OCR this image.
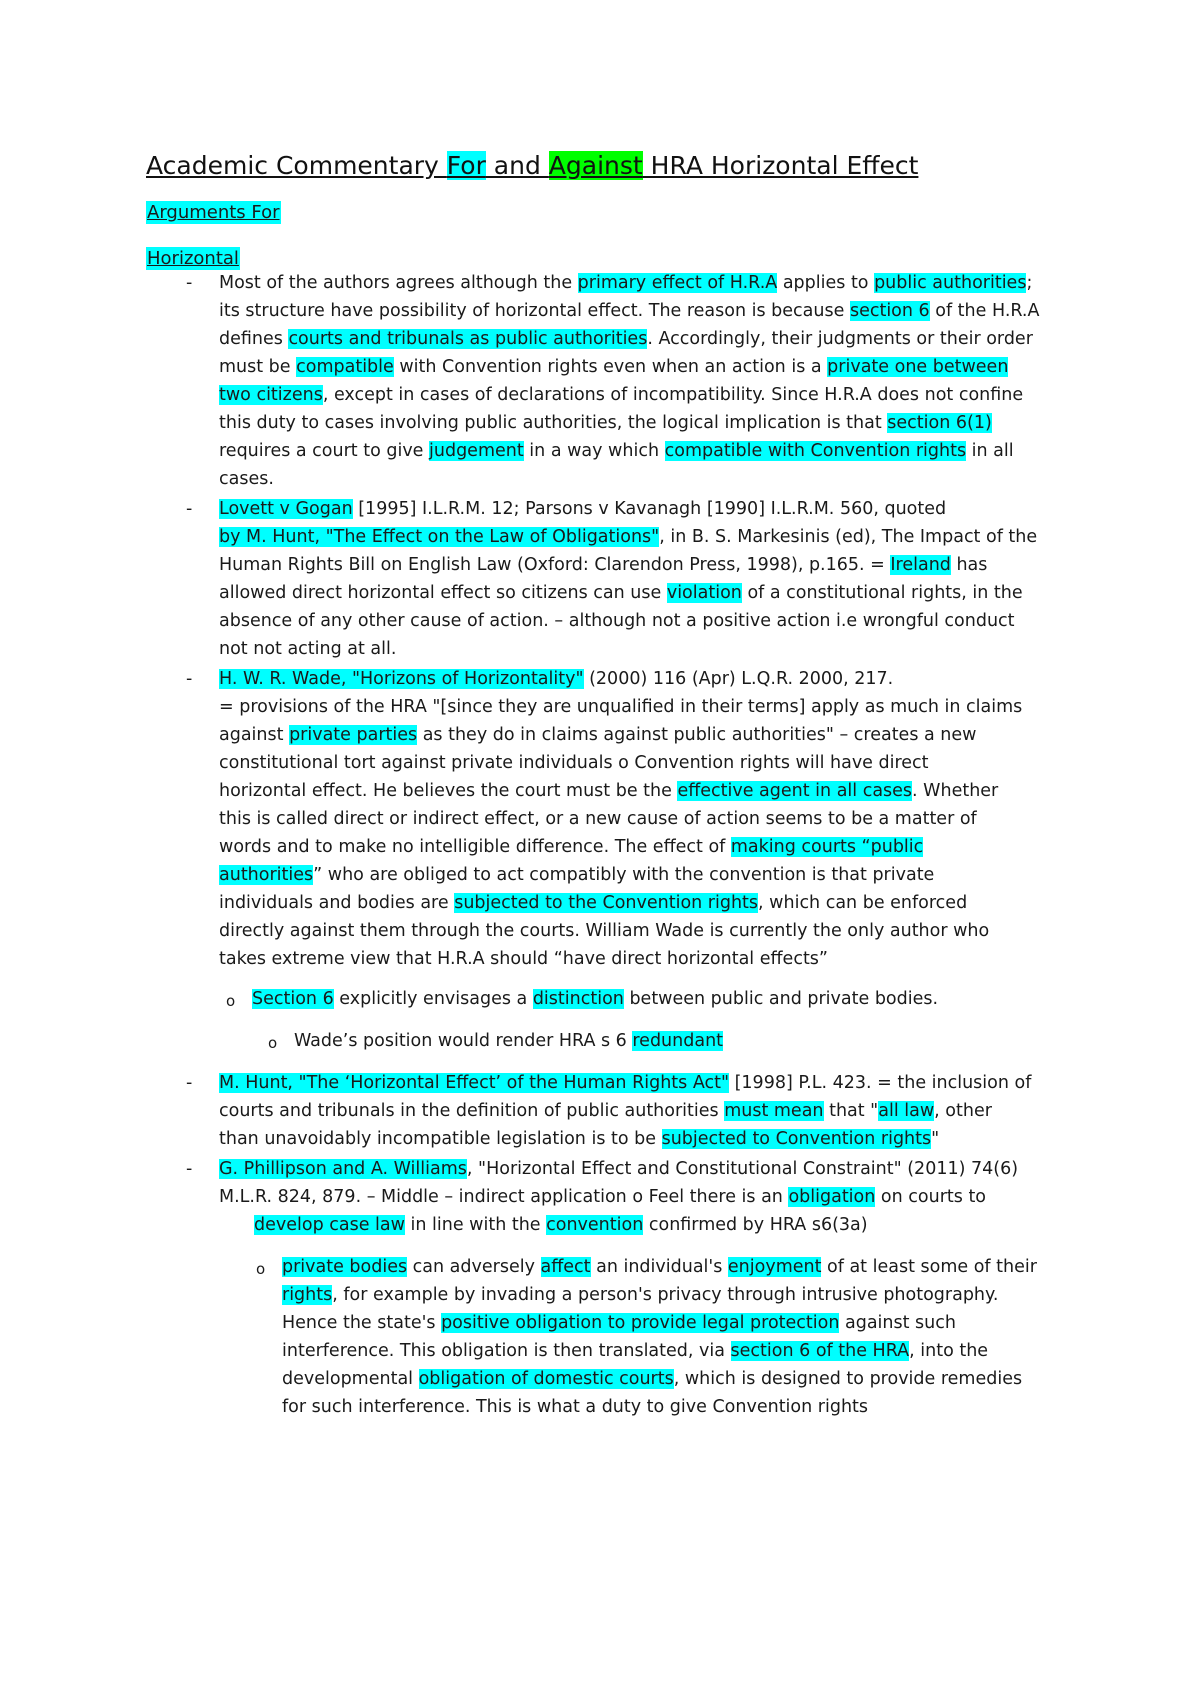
Academic Commentary For and Against HRA Horizontal Effect
Arguments For
Horizontal
Most of the authors agrees although the primary effect of H.R.A applies to public authorities;
its structure have possibility of horizontal effect. The reason is because section 6 of the H.R.A
defines courts and tribunals as public authorities. Accordingly, their judgments or their order
must be compatible with Convention rights even when an action is a private one between
two citizens, except in cases of declarations of incompatibility. Since H.R.A does not confine
this duty to cases involving public authorities, the logical implication is that section 6(1)
requires a court to give judgement in a way which compatible with Convention rights in all
cases.
Lovett v Gogan [1995] I.L.R.M. 12; Parsons v Kavanagh [1990] I.L.R.M. 560, quoted
by M. Hunt, "The Effect on the Law of Obligations", in B. S. Markesinis (ed), The Impact of the
Human Rights Bill on English Law (Oxford: Clarendon Press, 1998), p.165. = Ireland has
allowed direct horizontal effect so citizens can use violation of a constitutional rights, in the
absence of any other cause of action. – although not a positive action i.e wrongful conduct
not not acting at all.
H. W. R. Wade, "Horizons of Horizontality" (2000) 116 (Apr) L.Q.R. 2000, 217.
= provisions of the HRA "[since they are unqualified in their terms] apply as much in claims
against private parties as they do in claims against public authorities" – creates a new
constitutional tort against private individuals o Convention rights will have direct
horizontal effect. He believes the court must be the effective agent in all cases. Whether
this is called direct or indirect effect, or a new cause of action seems to be a matter of
words and to make no intelligible difference. The effect of making courts “public
authorities” who are obliged to act compatibly with the convention is that private
individuals and bodies are subjected to the Convention rights, which can be enforced
directly against them through the courts. William Wade is currently the only author who
takes extreme view that H.R.A should “have direct horizontal effects”
Section 6 explicitly envisages a distinction between public and private bodies.
Wade’s position would render HRA s 6 redundant
M. Hunt, "The ‘Horizontal Effect’ of the Human Rights Act" [1998] P.L. 423. = the inclusion of
courts and tribunals in the definition of public authorities must mean that "all law, other
than unavoidably incompatible legislation is to be subjected to Convention rights"
G. Phillipson and A. Williams, "Horizontal Effect and Constitutional Constraint" (2011) 74(6)
M.L.R. 824, 879. – Middle – indirect application o Feel there is an obligation on courts to
develop case law in line with the convention confirmed by HRA s6(3a)
private bodies can adversely affect an individual's enjoyment of at least some of their
rights, for example by invading a person's privacy through intrusive photography.
Hence the state's positive obligation to provide legal protection against such
interference. This obligation is then translated, via section 6 of the HRA, into the
developmental obligation of domestic courts, which is designed to provide remedies
for such interference. This is what a duty to give Convention rights
-
-
-
o
o
-
-
o
